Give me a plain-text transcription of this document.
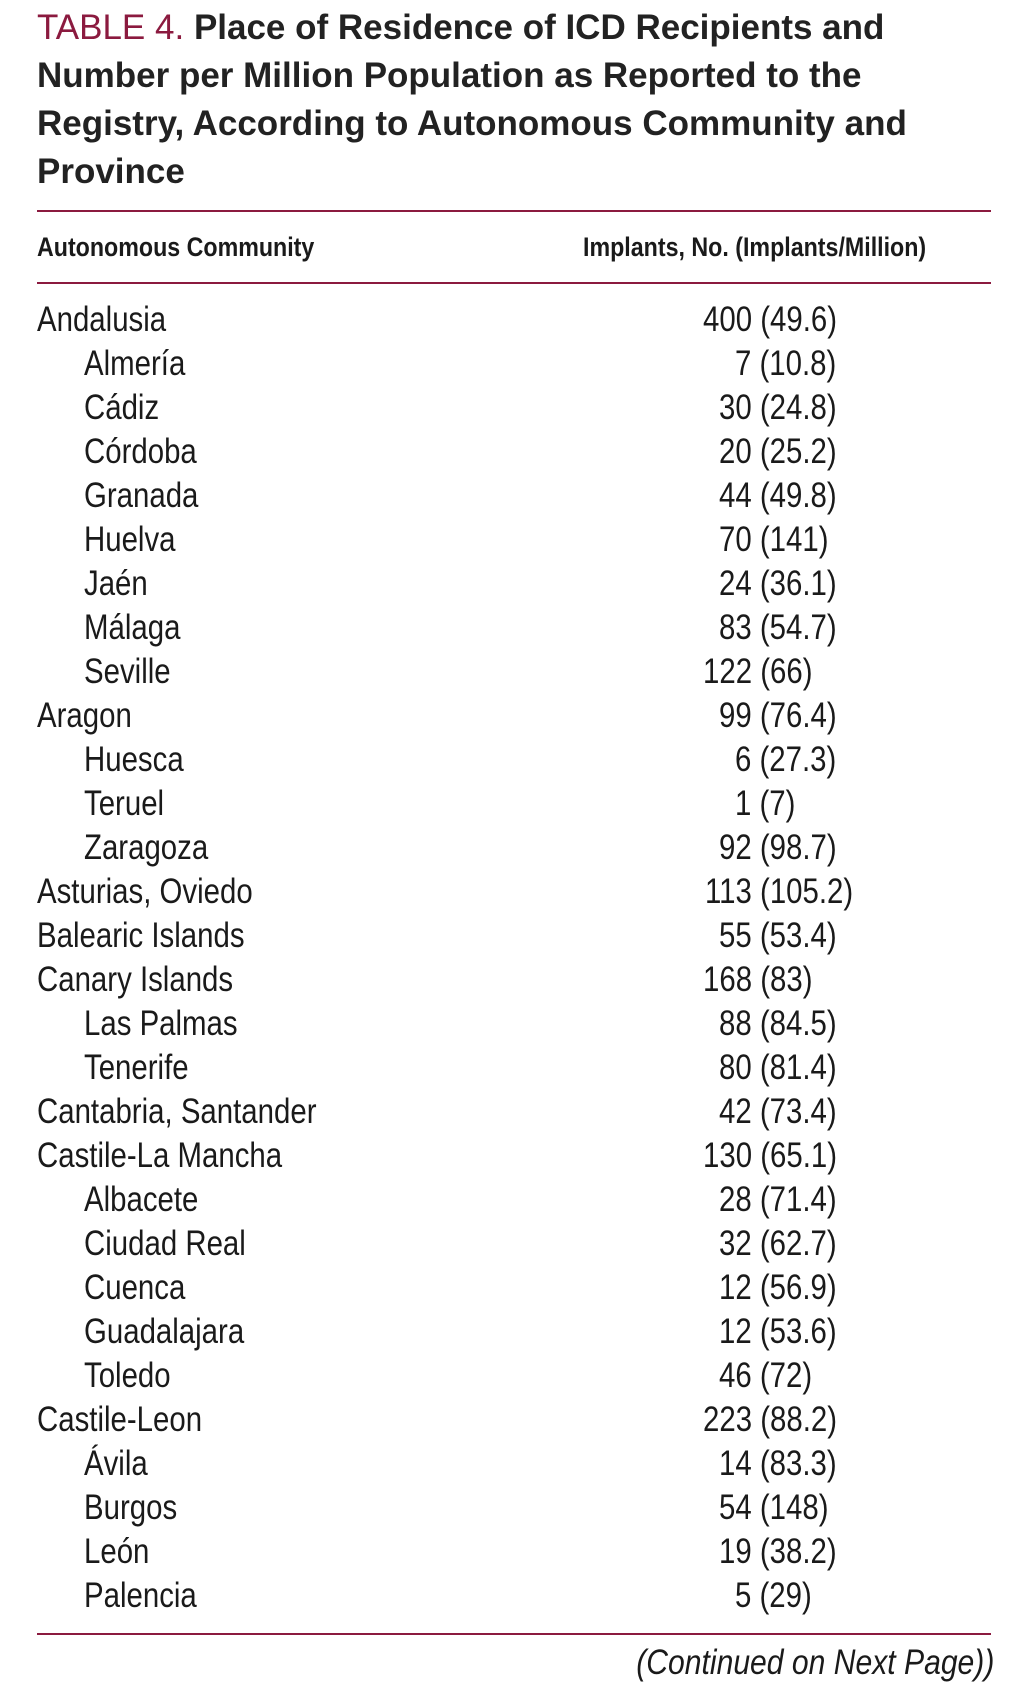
TABLE 4. Place of Residence of ICD Recipients and Number per Million Population as Reported to the Registry, According to Autonomous Community and Province
Autonomous Community	Implants, No. (Implants/Million)
Andalusia	400 (49.6)
Almería	7 (10.8)
Cádiz	30 (24.8)
Córdoba	20 (25.2)
Granada	44 (49.8)
Huelva	70 (141)
Jaén	24 (36.1)
Málaga	83 (54.7)
Seville	122 (66)
Aragon	99 (76.4)
Huesca	6 (27.3)
Teruel	1 (7)
Zaragoza	92 (98.7)
Asturias, Oviedo	113 (105.2)
Balearic Islands	55 (53.4)
Canary Islands	168 (83)
Las Palmas	88 (84.5)
Tenerife	80 (81.4)
Cantabria, Santander	42 (73.4)
Castile-La Mancha	130 (65.1)
Albacete	28 (71.4)
Ciudad Real	32 (62.7)
Cuenca	12 (56.9)
Guadalajara	12 (53.6)
Toledo	46 (72)
Castile-Leon	223 (88.2)
Ávila	14 (83.3)
Burgos	54 (148)
León	19 (38.2)
Palencia	5 (29)
(Continued on Next Page))
